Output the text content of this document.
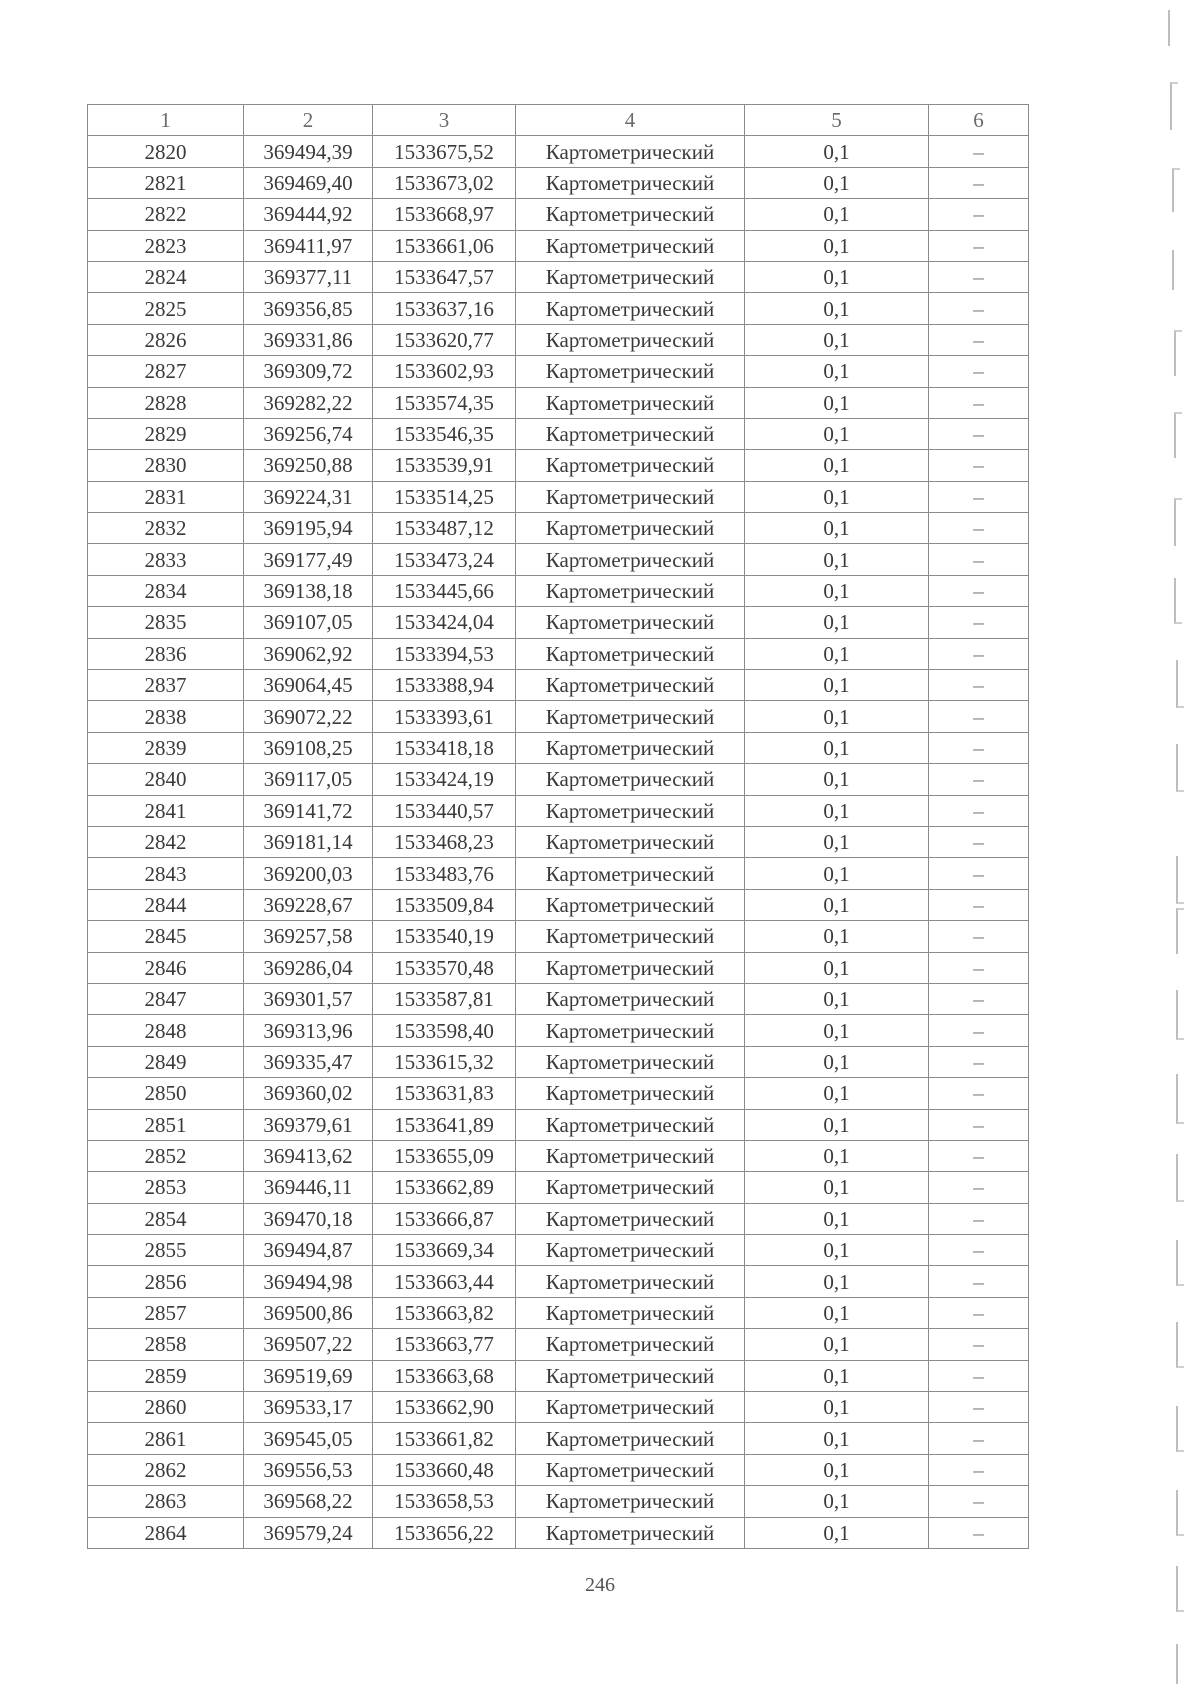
1	2	3	4	5	6
2820	369494,39	1533675,52	Картометрический	0,1	–
2821	369469,40	1533673,02	Картометрический	0,1	–
2822	369444,92	1533668,97	Картометрический	0,1	–
2823	369411,97	1533661,06	Картометрический	0,1	–
2824	369377,11	1533647,57	Картометрический	0,1	–
2825	369356,85	1533637,16	Картометрический	0,1	–
2826	369331,86	1533620,77	Картометрический	0,1	–
2827	369309,72	1533602,93	Картометрический	0,1	–
2828	369282,22	1533574,35	Картометрический	0,1	–
2829	369256,74	1533546,35	Картометрический	0,1	–
2830	369250,88	1533539,91	Картометрический	0,1	–
2831	369224,31	1533514,25	Картометрический	0,1	–
2832	369195,94	1533487,12	Картометрический	0,1	–
2833	369177,49	1533473,24	Картометрический	0,1	–
2834	369138,18	1533445,66	Картометрический	0,1	–
2835	369107,05	1533424,04	Картометрический	0,1	–
2836	369062,92	1533394,53	Картометрический	0,1	–
2837	369064,45	1533388,94	Картометрический	0,1	–
2838	369072,22	1533393,61	Картометрический	0,1	–
2839	369108,25	1533418,18	Картометрический	0,1	–
2840	369117,05	1533424,19	Картометрический	0,1	–
2841	369141,72	1533440,57	Картометрический	0,1	–
2842	369181,14	1533468,23	Картометрический	0,1	–
2843	369200,03	1533483,76	Картометрический	0,1	–
2844	369228,67	1533509,84	Картометрический	0,1	–
2845	369257,58	1533540,19	Картометрический	0,1	–
2846	369286,04	1533570,48	Картометрический	0,1	–
2847	369301,57	1533587,81	Картометрический	0,1	–
2848	369313,96	1533598,40	Картометрический	0,1	–
2849	369335,47	1533615,32	Картометрический	0,1	–
2850	369360,02	1533631,83	Картометрический	0,1	–
2851	369379,61	1533641,89	Картометрический	0,1	–
2852	369413,62	1533655,09	Картометрический	0,1	–
2853	369446,11	1533662,89	Картометрический	0,1	–
2854	369470,18	1533666,87	Картометрический	0,1	–
2855	369494,87	1533669,34	Картометрический	0,1	–
2856	369494,98	1533663,44	Картометрический	0,1	–
2857	369500,86	1533663,82	Картометрический	0,1	–
2858	369507,22	1533663,77	Картометрический	0,1	–
2859	369519,69	1533663,68	Картометрический	0,1	–
2860	369533,17	1533662,90	Картометрический	0,1	–
2861	369545,05	1533661,82	Картометрический	0,1	–
2862	369556,53	1533660,48	Картометрический	0,1	–
2863	369568,22	1533658,53	Картометрический	0,1	–
2864	369579,24	1533656,22	Картометрический	0,1	–
246
